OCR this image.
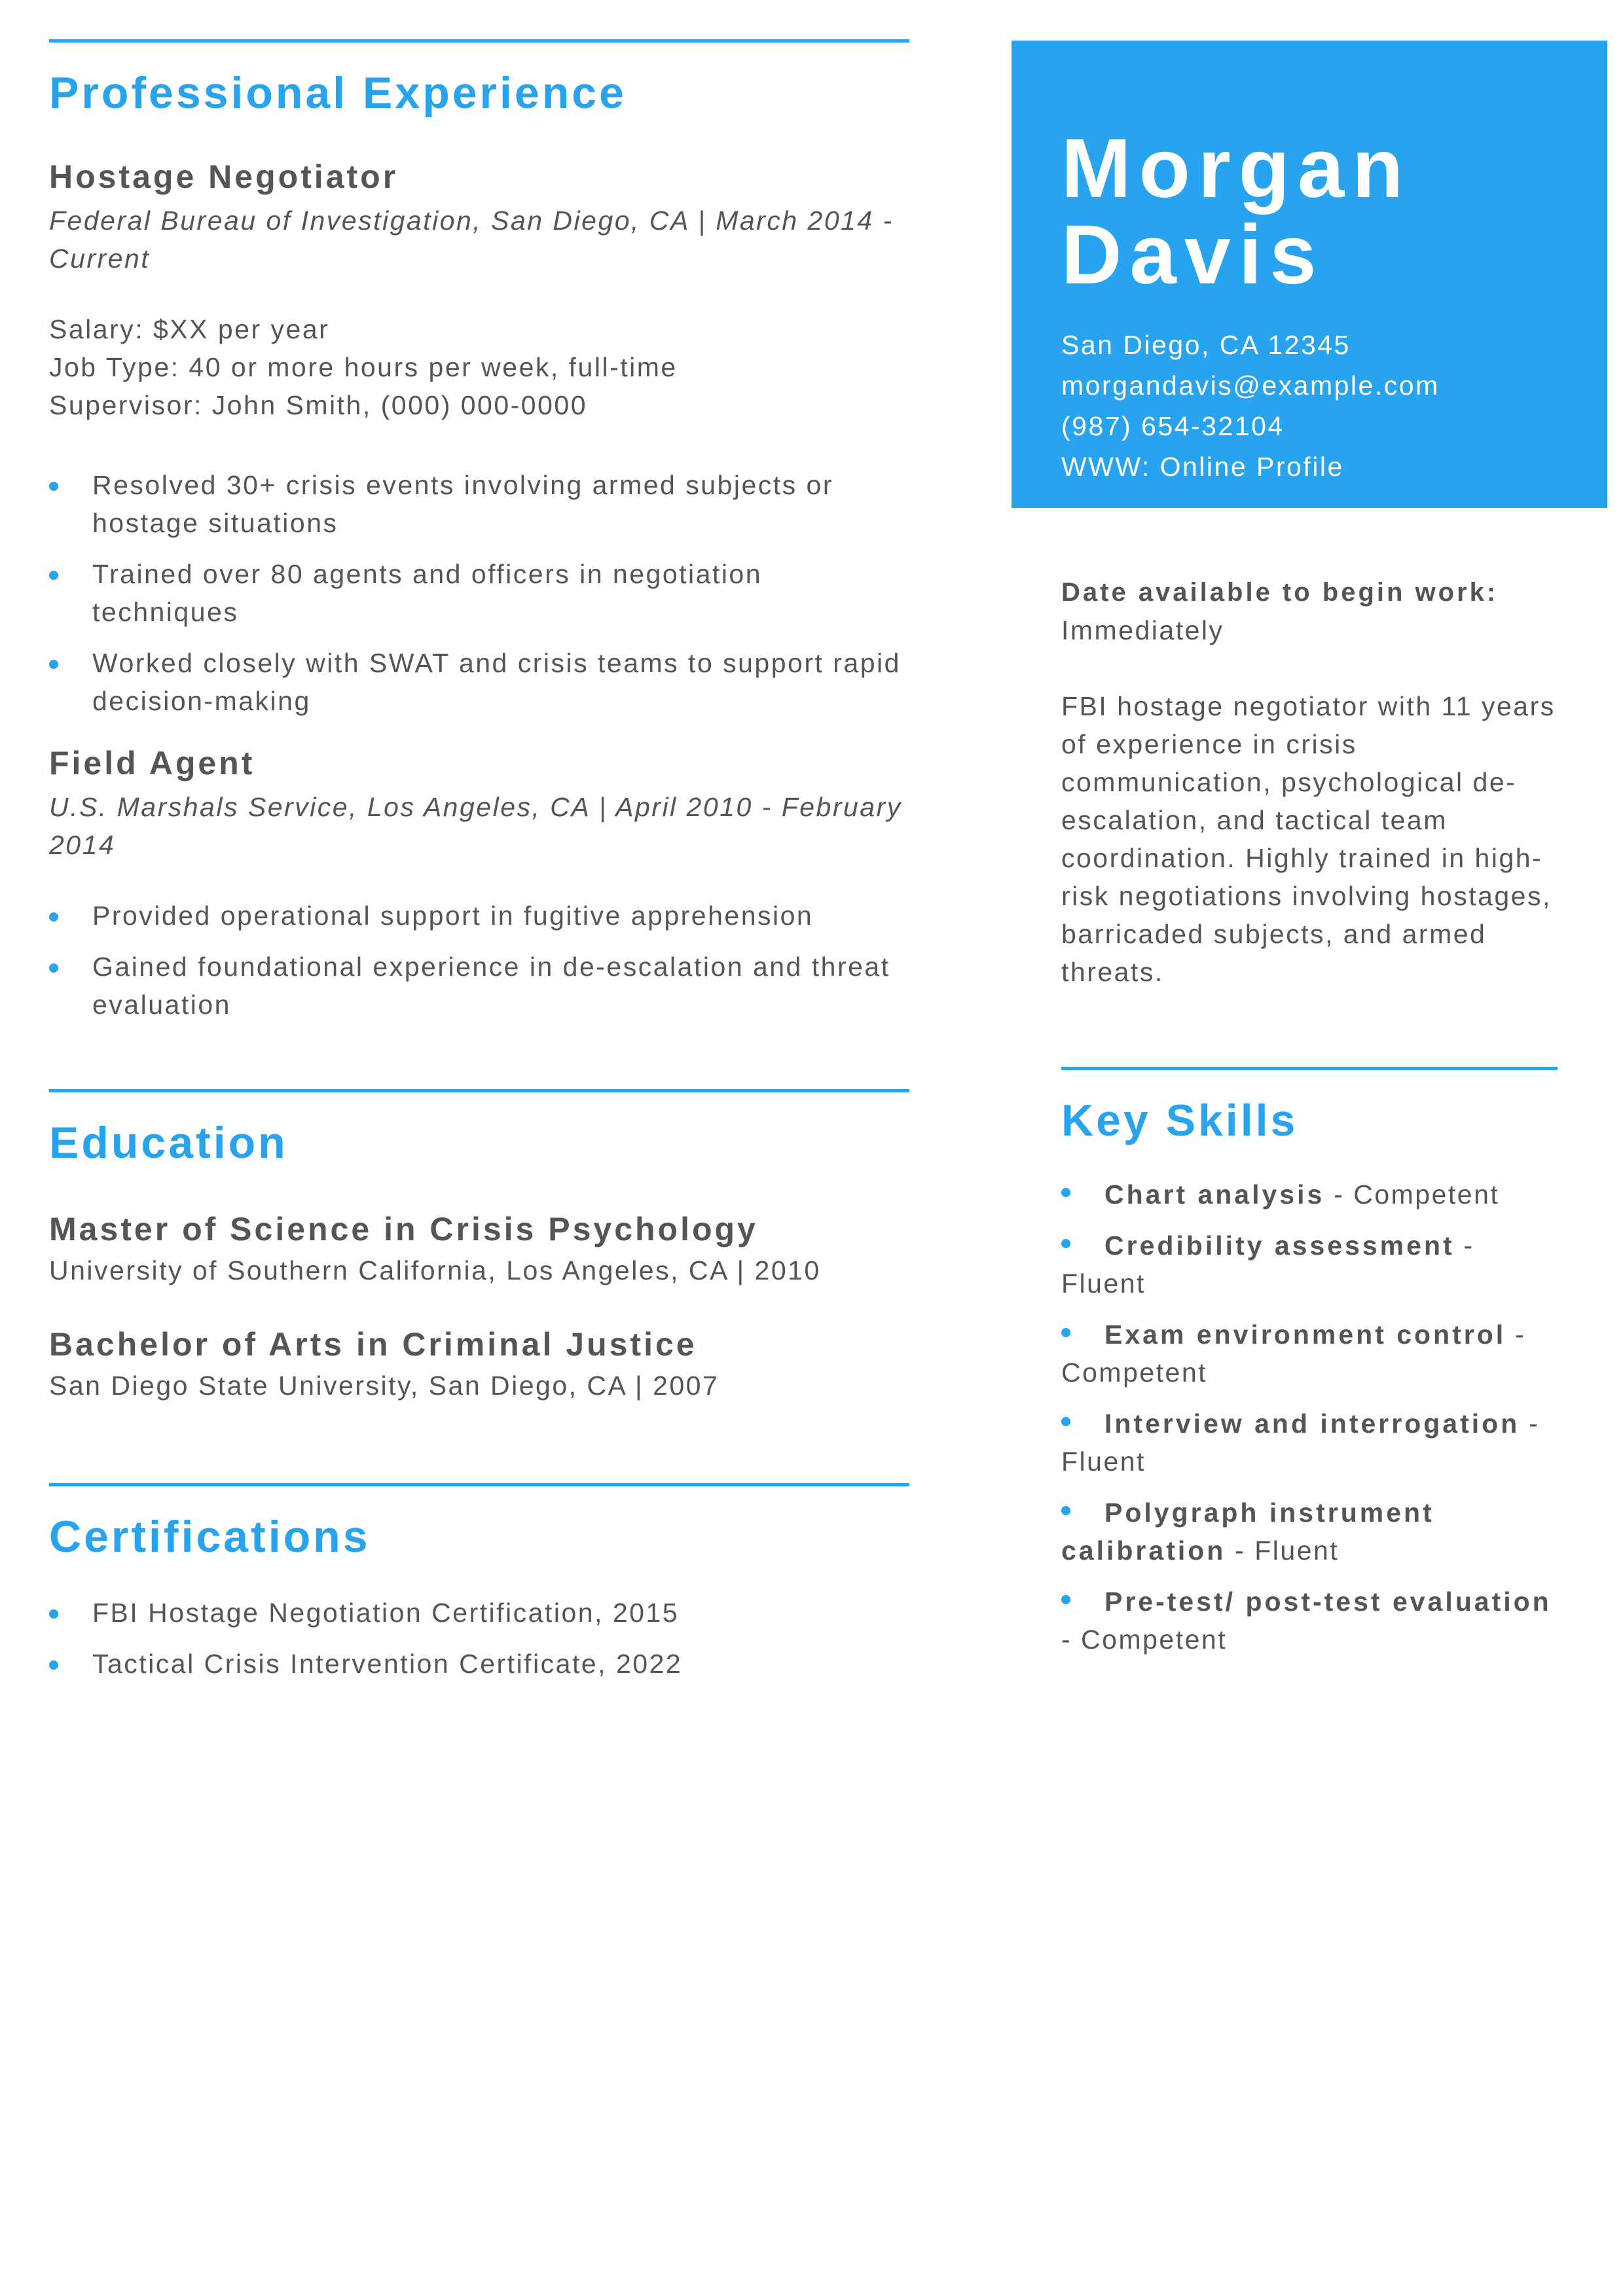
Professional Experience
Hostage Negotiator
Federal Bureau of Investigation, San Diego, CA | March 2014 - Current
Salary: $XX per year
Job Type: 40 or more hours per week, full-time
Supervisor: John Smith, (000) 000-0000
Resolved 30+ crisis events involving armed subjects or hostage situations
Trained over 80 agents and officers in negotiation techniques
Worked closely with SWAT and crisis teams to support rapid decision-making
Field Agent
U.S. Marshals Service, Los Angeles, CA | April 2010 - February 2014
Provided operational support in fugitive apprehension
Gained foundational experience in de-escalation and threat evaluation
Education
Master of Science in Crisis Psychology
University of Southern California, Los Angeles, CA | 2010
Bachelor of Arts in Criminal Justice
San Diego State University, San Diego, CA | 2007
Certifications
FBI Hostage Negotiation Certification, 2015
Tactical Crisis Intervention Certificate, 2022
Morgan
Davis
San Diego, CA 12345
morgandavis@example.com
(987) 654-32104
WWW: Online Profile
Date available to begin work:
Immediately
FBI hostage negotiator with 11 years of experience in crisis communication, psychological de-escalation, and tactical team coordination. Highly trained in high-risk negotiations involving hostages, barricaded subjects, and armed threats.
Key Skills
Chart analysis - Competent
Credibility assessment - Fluent
Exam environment control - Competent
Interview and interrogation - Fluent
Polygraph instrument calibration - Fluent
Pre-test/ post-test evaluation - Competent
